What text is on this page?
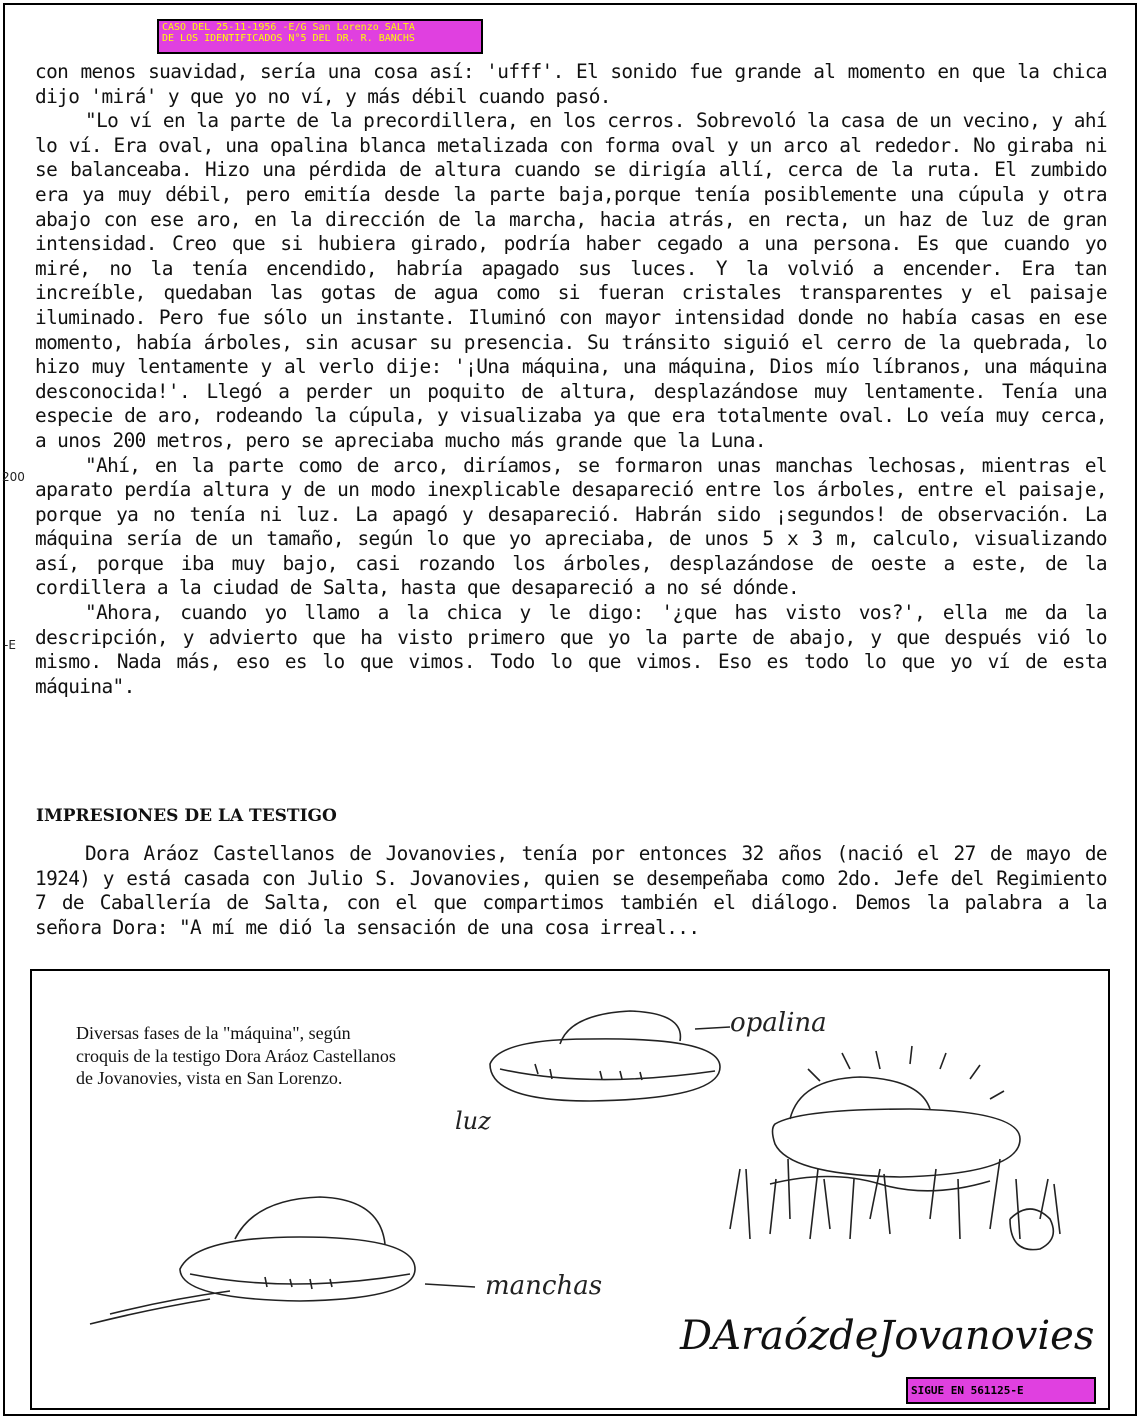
CASO DEL 25-11-1956 -E/G San Lorenzo SALTA
DE LOS IDENTIFICADOS N°5 DEL DR. R. BANCHS

con menos suavidad, sería una cosa así: 'ufff'. El sonido fue grande al momento en que la chica dijo 'mirá' y que yo no ví, y más débil cuando pasó.

"Lo ví en la parte de la precordillera, en los cerros. Sobrevoló la casa de un vecino, y ahí lo ví. Era oval, una opalina blanca metalizada con forma oval y un arco al rededor. No giraba ni se balanceaba. Hizo una pérdida de altura cuando se dirigía allí, cerca de la ruta. El zumbido era ya muy débil, pero emitía desde la parte baja,porque tenía posiblemente una cúpula y otra abajo con ese aro, en la dirección de la marcha, hacia atrás, en recta, un haz de luz de gran intensidad. Creo que si hubiera girado, podría haber cegado a una persona. Es que cuando yo miré, no la tenía encendido, habría apagado sus luces. Y la volvió a encender. Era tan increíble, quedaban las gotas de agua como si fueran cristales transparentes y el paisaje iluminado. Pero fue sólo un instante. Iluminó con mayor intensidad donde no había casas en ese momento, había árboles, sin acusar su presencia. Su tránsito siguió el cerro de la quebrada, lo hizo muy lentamente y al verlo dije: '¡Una máquina, una máquina, Dios mío líbranos, una máquina desconocida!'. Llegó a perder un poquito de altura, desplazándose muy lentamente. Tenía una especie de aro, rodeando la cúpula, y visualizaba ya que era totalmente oval. Lo veía muy cerca, a unos 200 metros, pero se apreciaba mucho más grande que la Luna.

"Ahí, en la parte como de arco, diríamos, se formaron unas manchas lechosas, mientras el aparato perdía altura y de un modo inexplicable desapareció entre los árboles, entre el paisaje, porque ya no tenía ni luz. La apagó y desapareció. Habrán sido ¡segundos! de observación. La máquina sería de un tamaño, según lo que yo apreciaba, de unos 5 x 3 m, calculo, visualizando así, porque iba muy bajo, casi rozando los árboles, desplazándose de oeste a este, de la cordillera a la ciudad de Salta, hasta que desapareció a no sé dónde.

"Ahora, cuando yo llamo a la chica y le digo: '¿que has visto vos?', ella me da la descripción, y advierto que ha visto primero que yo la parte de abajo, y que después vió lo mismo. Nada más, eso es lo que vimos. Todo lo que vimos. Eso es todo lo que yo ví de esta máquina".

200
-E
IMPRESIONES DE LA TESTIGO

Dora Aráoz Castellanos de Jovanovies, tenía por entonces 32 años (nació el 27 de mayo de 1924) y está casada con Julio S. Jovanovies, quien se desempeñaba como 2do. Jefe del Regimiento 7 de Caballería de Salta, con el que compartimos también el diálogo. Demos la palabra a la señora Dora: "A mí me dió la sensación de una cosa irreal...

Diversas fases de la "máquina", según croquis de la testigo Dora Aráoz Castellanos de Jovanovies, vista en San Lorenzo.
opalina
luz
manchas
DAraózdeJovanovies
SIGUE EN 561125-E
